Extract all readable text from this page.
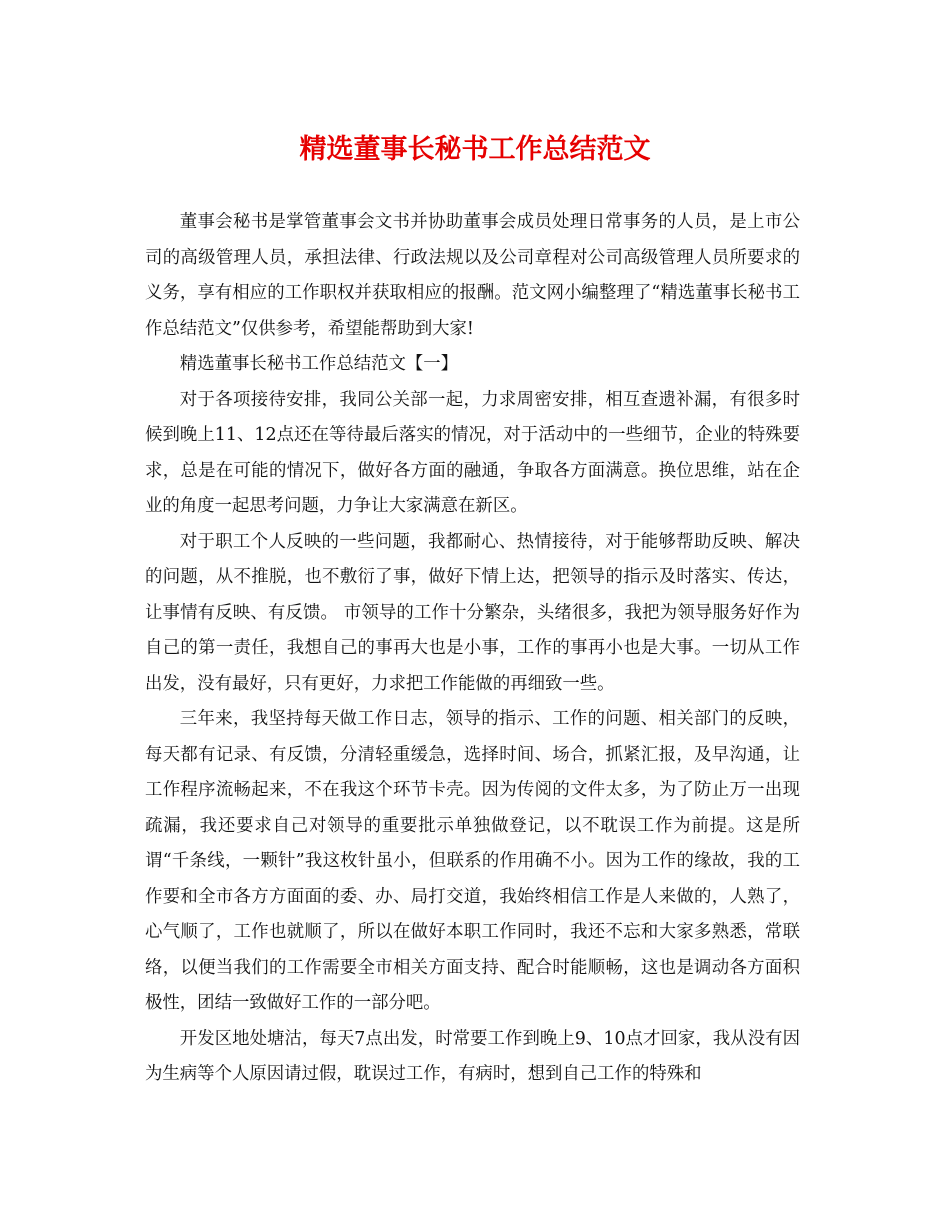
精选董事长秘书工作总结范文

董事会秘书是掌管董事会文书并协助董事会成员处理日常事务的人员，是上市公司的高级管理人员，承担法律、行政法规以及公司章程对公司高级管理人员所要求的义务，享有相应的工作职权并获取相应的报酬。范文网小编整理了“精选董事长秘书工作总结范文”仅供参考，希望能帮助到大家!

精选董事长秘书工作总结范文【一】

对于各项接待安排，我同公关部一起，力求周密安排，相互查遗补漏，有很多时候到晚上11、12点还在等待最后落实的情况，对于活动中的一些细节，企业的特殊要求，总是在可能的情况下，做好各方面的融通，争取各方面满意。换位思维，站在企业的角度一起思考问题，力争让大家满意在新区。

对于职工个人反映的一些问题，我都耐心、热情接待，对于能够帮助反映、解决的问题，从不推脱，也不敷衍了事，做好下情上达，把领导的指示及时落实、传达，让事情有反映、有反馈。 市领导的工作十分繁杂，头绪很多，我把为领导服务好作为自己的第一责任，我想自己的事再大也是小事，工作的事再小也是大事。一切从工作出发，没有最好，只有更好，力求把工作能做的再细致一些。

三年来，我坚持每天做工作日志，领导的指示、工作的问题、相关部门的反映，每天都有记录、有反馈，分清轻重缓急，选择时间、场合，抓紧汇报，及早沟通，让工作程序流畅起来，不在我这个环节卡壳。因为传阅的文件太多，为了防止万一出现疏漏，我还要求自己对领导的重要批示单独做登记，以不耽误工作为前提。这是所谓“千条线，一颗针”我这枚针虽小，但联系的作用确不小。因为工作的缘故，我的工作要和全市各方方面面的委、办、局打交道，我始终相信工作是人来做的，人熟了，心气顺了，工作也就顺了，所以在做好本职工作同时，我还不忘和大家多熟悉，常联络，以便当我们的工作需要全市相关方面支持、配合时能顺畅，这也是调动各方面积极性，团结一致做好工作的一部分吧。

开发区地处塘沽，每天7点出发，时常要工作到晚上9、10点才回家，我从没有因为生病等个人原因请过假，耽误过工作，有病时，想到自己工作的特殊和
